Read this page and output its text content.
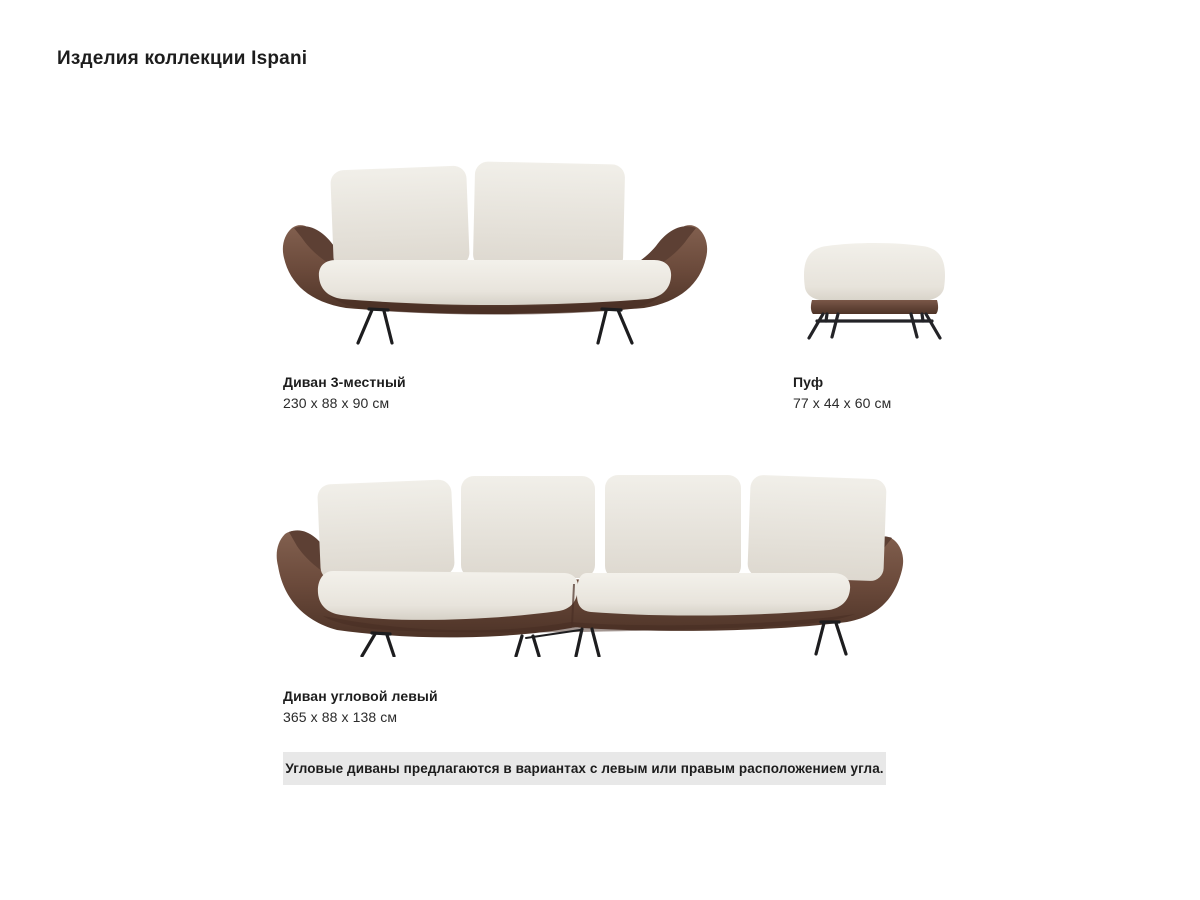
Изделия коллекции Ispani
Диван 3-местный
230 x 88 x 90 см
Пуф
77 x 44 x 60 см
Диван угловой левый
365 x 88 x 138 см
Угловые диваны предлагаются в вариантах с левым или правым расположением угла.
